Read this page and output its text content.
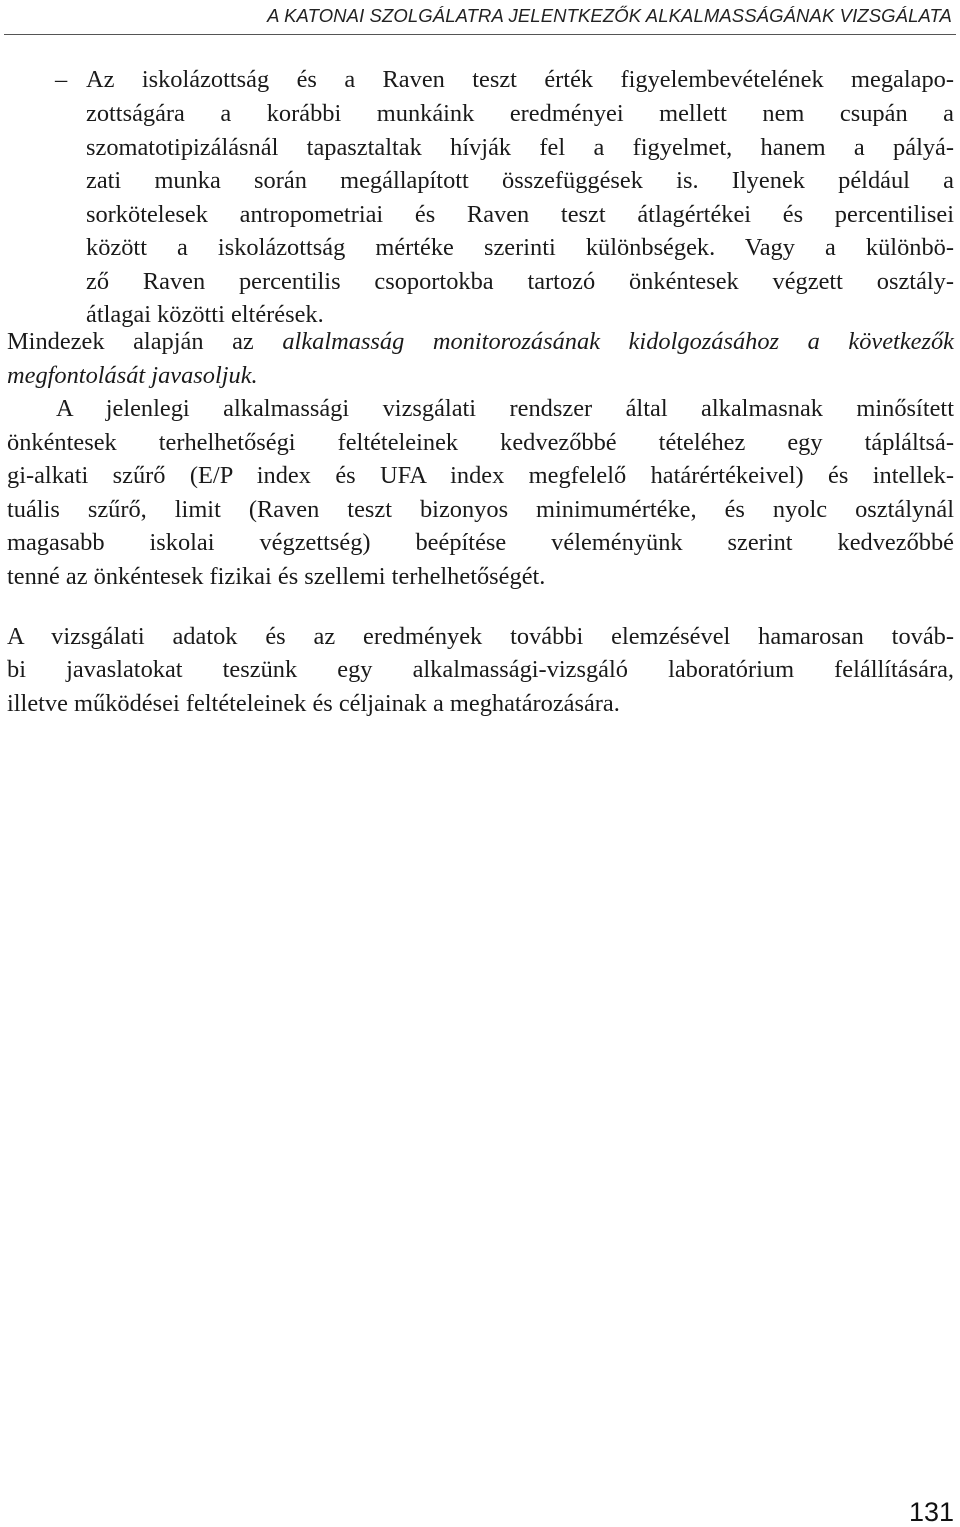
A KATONAI SZOLGÁLATRA JELENTKEZŐK ALKALMASSÁGÁNAK VIZSGÁLATA
– Az iskolázottság és a Raven teszt érték figyelembevételének megalapo-
zottságára a korábbi munkáink eredményei mellett nem csupán a
szomatotipizálásnál tapasztaltak hívják fel a figyelmet, hanem a pályá-
zati munka során megállapított összefüggések is. Ilyenek például a
sorkötelesek antropometriai és Raven teszt átlagértékei és percentilisei
között a iskolázottság mértéke szerinti különbségek. Vagy a különbö-
ző Raven percentilis csoportokba tartozó önkéntesek végzett osztály-
átlagai közötti eltérések.
Mindezek alapján az alkalmasság monitorozásának kidolgozásához a következők
megfontolását javasoljuk.
A jelenlegi alkalmassági vizsgálati rendszer által alkalmasnak minősített
önkéntesek terhelhetőségi feltételeinek kedvezőbbé tételéhez egy tápláltsá-
gi-alkati szűrő (E/P index és UFA index megfelelő határértékeivel) és intellek-
tuális szűrő, limit (Raven teszt bizonyos minimumértéke, és nyolc osztálynál
magasabb iskolai végzettség) beépítése véleményünk szerint kedvezőbbé
tenné az önkéntesek fizikai és szellemi terhelhetőségét.
A vizsgálati adatok és az eredmények további elemzésével hamarosan továb-
bi javaslatokat teszünk egy alkalmassági-vizsgáló laboratórium felállítására,
illetve működései feltételeinek és céljainak a meghatározására.
131
